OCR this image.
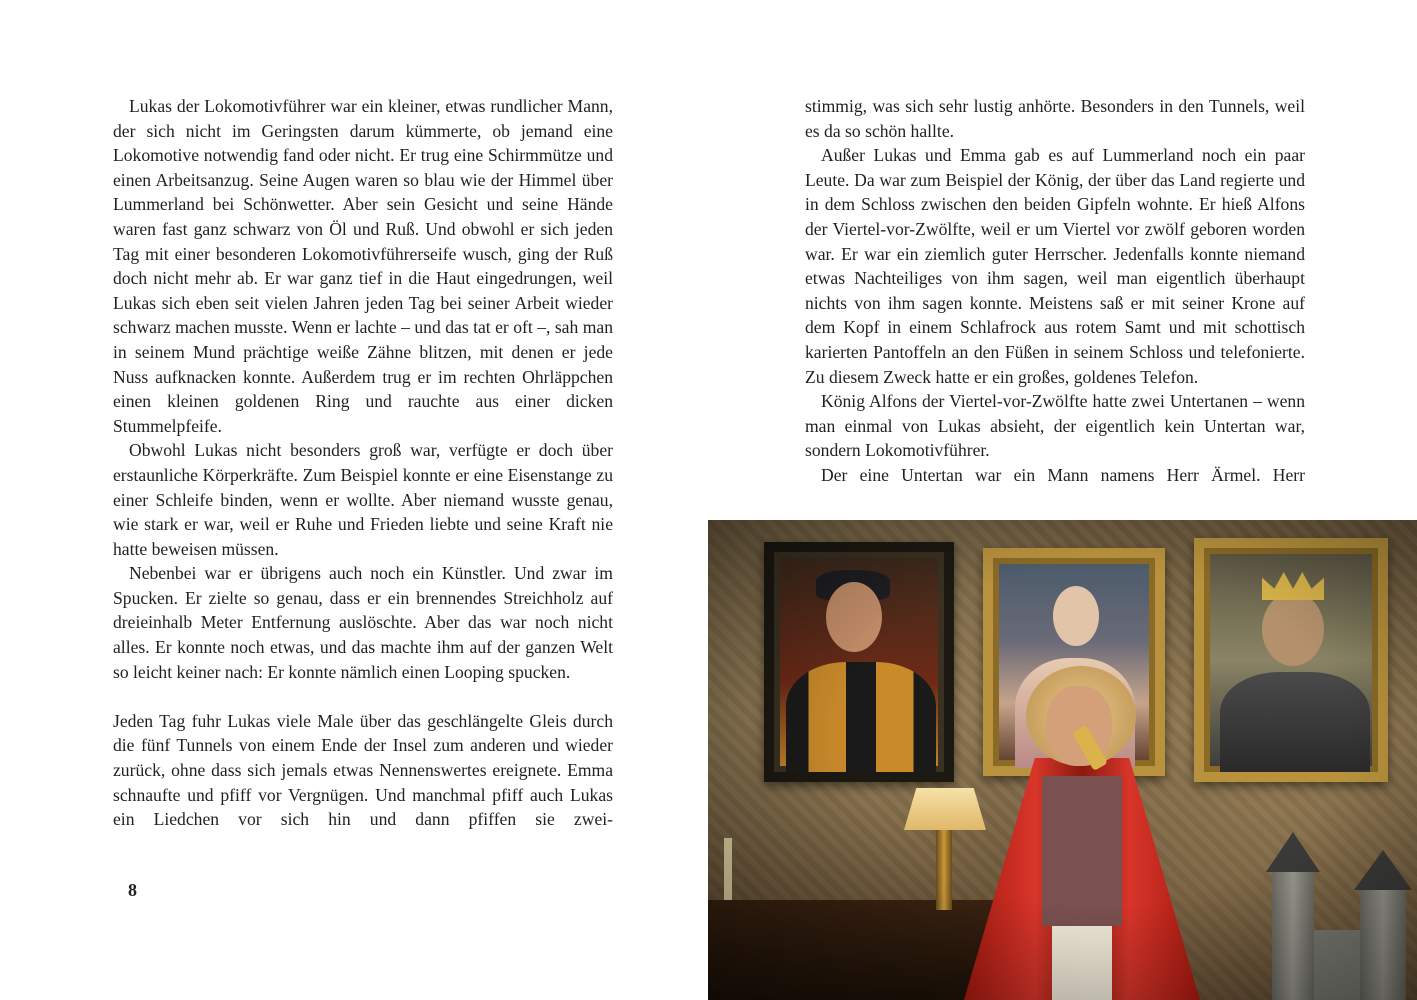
Lukas der Lokomotivführer war ein kleiner, etwas rundlicher Mann, der sich nicht im Geringsten darum kümmerte, ob jemand eine Lokomotive notwendig fand oder nicht. Er trug eine Schirmmütze und einen Arbeitsanzug. Seine Augen waren so blau wie der Himmel über Lummerland bei Schönwetter. Aber sein Gesicht und seine Hände waren fast ganz schwarz von Öl und Ruß. Und obwohl er sich jeden Tag mit einer besonderen Lokomotivführerseife wusch, ging der Ruß doch nicht mehr ab. Er war ganz tief in die Haut eingedrungen, weil Lukas sich eben seit vielen Jahren jeden Tag bei seiner Arbeit wieder schwarz machen musste. Wenn er lachte – und das tat er oft –, sah man in seinem Mund prächtige weiße Zähne blitzen, mit denen er jede Nuss aufknacken konnte. Außerdem trug er im rechten Ohrläppchen einen kleinen goldenen Ring und rauchte aus einer dicken Stummelpfeife.

Obwohl Lukas nicht besonders groß war, verfügte er doch über erstaunliche Körperkräfte. Zum Beispiel konnte er eine Eisenstange zu einer Schleife binden, wenn er wollte. Aber niemand wusste genau, wie stark er war, weil er Ruhe und Frieden liebte und seine Kraft nie hatte beweisen müssen.

Nebenbei war er übrigens auch noch ein Künstler. Und zwar im Spucken. Er zielte so genau, dass er ein brennendes Streichholz auf dreieinhalb Meter Entfernung auslöschte. Aber das war noch nicht alles. Er konnte noch etwas, und das machte ihm auf der ganzen Welt so leicht keiner nach: Er konnte nämlich einen Looping spucken.

Jeden Tag fuhr Lukas viele Male über das geschlängelte Gleis durch die fünf Tunnels von einem Ende der Insel zum anderen und wieder zurück, ohne dass sich jemals etwas Nennenswertes ereignete. Emma schnaufte und pfiff vor Vergnügen. Und manchmal pfiff auch Lukas ein Liedchen vor sich hin und dann pfiffen sie zwei-

8

stimmig, was sich sehr lustig anhörte. Besonders in den Tunnels, weil es da so schön hallte.

Außer Lukas und Emma gab es auf Lummerland noch ein paar Leute. Da war zum Beispiel der König, der über das Land regierte und in dem Schloss zwischen den beiden Gipfeln wohnte. Er hieß Alfons der Viertel-vor-Zwölfte, weil er um Viertel vor zwölf geboren worden war. Er war ein ziemlich guter Herrscher. Jedenfalls konnte niemand etwas Nachteiliges von ihm sagen, weil man eigentlich überhaupt nichts von ihm sagen konnte. Meistens saß er mit seiner Krone auf dem Kopf in einem Schlafrock aus rotem Samt und mit schottisch karierten Pantoffeln an den Füßen in seinem Schloss und telefonierte. Zu diesem Zweck hatte er ein großes, goldenes Telefon.

König Alfons der Viertel-vor-Zwölfte hatte zwei Untertanen – wenn man einmal von Lukas absieht, der eigentlich kein Untertan war, sondern Lokomotivführer.

Der eine Untertan war ein Mann namens Herr Ärmel. Herr
